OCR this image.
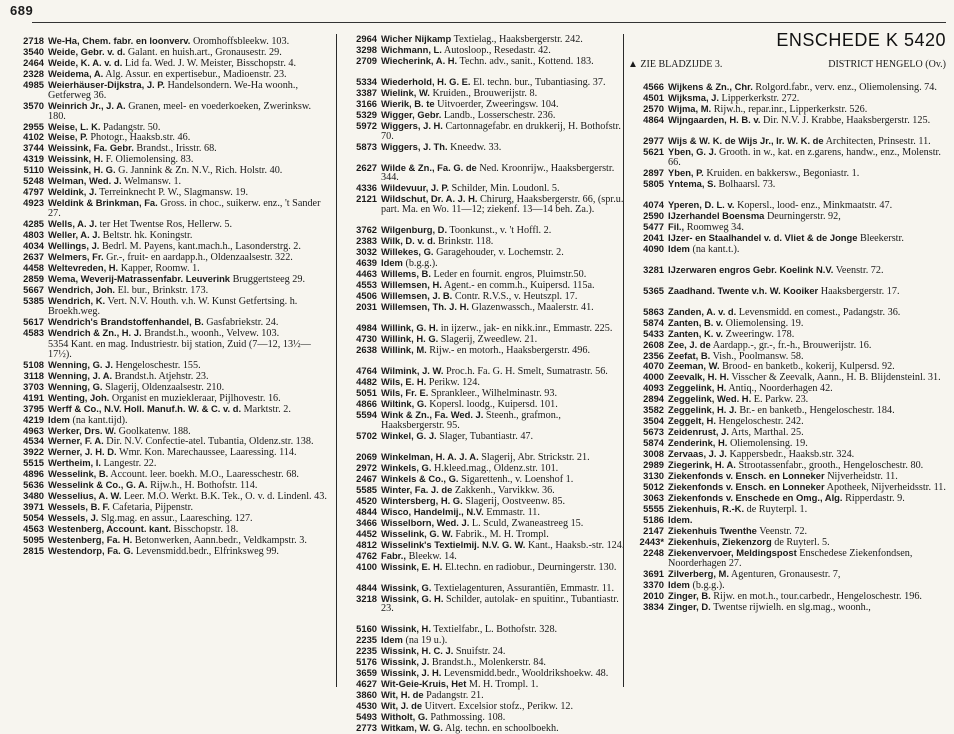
689
2718 We-Ha, Chem. fabr. en loonverv. Oromhoffsbleekw. 103.
3540 Weide, Gebr. v. d. Galant. en huish.art., Gronausestr. 29.
2464 Weide, K. A. v. d. Lid fa. Wed. J. W. Meister, Bisschopstr. 4.
2328 Weidema, A. Alg. Assur. en expertisebur., Madioenstr. 23.
4985 Weierhäuser-Dijkstra, J. P. Handelsondern. We-Ha woonh., Getferweg 36.
3570 Weinrich Jr., J. A. Granen, meel- en voederkoeken, Zwerinksw. 180.
2955 Weise, L. K. Padangstr. 50.
4102 Weise, P. Photogr., Haaksb.str. 46.
3744 Weissink, Fa. Gebr. Brandst., Irisstr. 68.
4319 Weissink, H. F. Oliemolensing. 83.
5110 Weissink, H. G. G. Jannink & Zn. N.V., Rich. Holstr. 40.
5248 Welman, Wed. J. Welmansw. 1.
4797 Weldink, J. Terreinknecht P. W., Slagmansw. 19.
4923 Weldink & Brinkman, Fa. Gross. in choc., suikerw. enz., 't Sander 27.
4285 Wells, A. J. ter Het Twentse Ros, Hellerw. 5.
4803 Weller, A. J. Beltstr. hk. Koningstr.
4034 Wellings, J. Bedrl. M. Payens, kant.mach.h., Lasonderstrg. 2.
2637 Welmers, Fr. Gr.-, fruit- en aardapp.h., Oldenzaalsestr. 322.
4458 Weltevreden, H. Kapper, Roomw. 1.
2859 Wema, Weverij-Matrassenfabr. Leuverink Bruggertsteeg 29.
5667 Wendrich, Joh. El. bur., Brinkstr. 173.
5385 Wendrich, K. Vert. N.V. Houth. v.h. W. Kunst Getfertsing. h. Broekh.weg.
5617 Wendrich's Brandstoffenhandel, B. Gasfabriekstr. 24.
4583 Wendrich & Zn., H. J. Brandst.h., woonh., Velvew. 103.
5354 Kant. en mag. Industriestr. bij station, Zuid (7—12, 13½—17½).
5108 Wenning, G. J. Hengeloschestr. 155.
3118 Wenning, J. A. Brandst.h. Atjehstr. 23.
3703 Wenning, G. Slagerij, Oldenzaalsestr. 210.
4191 Wenting, Joh. Organist en muziekleraar, Pijlhovestr. 16.
3795 Werff & Co., N.V. Holl. Manuf.h. W. & C. v. d. Marktstr. 2.
4219 Idem (na kant.tijd).
4963 Werker, Drs. W. Goolkatenw. 188.
4534 Werner, F. A. Dir. N.V. Confectie-atel. Tubantia, Oldenz.str. 138.
3922 Werner, J. H. D. Wmr. Kon. Marechaussee, Laaressing. 114.
5515 Wertheim, I. Langestr. 22.
4896 Wesselink, B. Account. leer. boekh. M.O., Laaresschestr. 68.
5636 Wesselink & Co., G. A. Rijw.h., H. Bothofstr. 114.
3480 Wesselius, A. W. Leer. M.O. Werkt. B.K. Tek., O. v. d. Lindenl. 43.
3971 Wessels, B. F. Cafetaria, Pijpenstr.
5054 Wessels, J. Slg.mag. en assur., Laaresching. 127.
4563 Westenberg, Account. kant. Bisschopstr. 18.
5095 Westenberg, Fa. H. Betonwerken, Aann.bedr., Veldkampstr. 3.
2815 Westendorp, Fa. G. Levensmidd.bedr., Elfrinksweg 99.
2964 Wicher Nijkamp Textielag., Haaksbergerstr. 242.
3298 Wichmann, L. Autosloop., Resedastr. 42.
2709 Wiecherink, A. H. Techn. adv., sanit., Kottend. 183.
5334 Wiederhold, H. G. E. El. techn. bur., Tubantiasing. 37.
3387 Wielink, W. Kruiden., Brouwerijstr. 8.
3166 Wierik, B. te Uitvoerder, Zweeringsw. 104.
5329 Wigger, Gebr. Landb., Losserschestr. 236.
5972 Wiggers, J. H. Cartonnagefabr. en drukkerij, H. Bothofstr. 70.
5873 Wiggers, J. Th. Kneedw. 33.
2627 Wilde & Zn., Fa. G. de Ned. Kroonrijw., Haaksbergerstr. 344.
4336 Wildevuur, J. P. Schilder, Min. Loudonl. 5.
2121 Wildschut, Dr. A. J. H. Chirurg, Haaksbergerstr. 66, (spr.u. part. Ma. en Wo. 11—12; ziekenf. 13—14 beh. Za.).
3762 Wilgenburg, D. Toonkunst., v. 't Hoffl. 2.
2383 Wilk, D. v. d. Brinkstr. 118.
3032 Willekes, G. Garagehouder, v. Lochemstr. 2.
4639 Idem (b.g.g.).
4463 Willems, B. Leder en fournit. engros, Pluimstr.50.
4553 Willemsen, H. Agent.- en comm.h., Kuipersd. 115a.
4506 Willemsen, J. B. Contr. R.V.S., v. Heutszpl. 17.
2031 Willemsen, Th. J. H. Glazenwassch., Maalerstr. 41.
4984 Willink, G. H. in ijzerw., jak- en nikk.inr., Emmastr. 225.
4730 Willink, H. G. Slagerij, Zweedlew. 21.
2638 Willink, M. Rijw.- en motorh., Haaksbergerstr. 496.
4764 Wilmink, J. W. Proc.h. Fa. G. H. Smelt, Sumatrastr. 56.
4482 Wils, E. H. Perikw. 124.
5051 Wils, Fr. E. Sprankleer., Wilhelminastr. 93.
4866 Wiltink, G. Kopersl. loodg., Kuipersd. 101.
5594 Wink & Zn., Fa. Wed. J. Steenh., grafmon., Haaksbergerstr. 95.
5702 Winkel, G. J. Slager, Tubantiastr. 47.
2069 Winkelman, H. A. J. A. Slagerij, Abr. Strickstr. 21.
2972 Winkels, G. H.kleed.mag., Oldenz.str. 101.
2467 Winkels & Co., G. Sigarettenh., v. Loenshof 1.
5585 Winter, Fa. J. de Zakkenh., Varvikkw. 36.
4520 Wintersberg, H. G. Slagerij, Oostveenw. 85.
4844 Wisco, Handelmij., N.V. Emmastr. 11.
3466 Wisselborn, Wed. J. L. Sculd, Zwaneastreeg 15.
4452 Wisselink, G. W. Fabrik., M. H. Trompl.
4812 Wisselink's Textielmij. N.V. G. W. Kant., Haaksb.-str. 124.
4762 Fabr., Bleekw. 14.
4100 Wissink, E. H. El.techn. en radiobur., Deurningerstr. 130.
4844 Wissink, G. Textielagenturen, Assurantiën, Emmastr. 11.
3218 Wissink, G. H. Schilder, autolak- en spuitinr., Tubantiastr. 23.
5160 Wissink, H. Textielfabr., L. Bothofstr. 328.
2235 Idem (na 19 u.).
2235 Wissink, H. C. J. Snuifstr. 24.
5176 Wissink, J. Brandst.h., Molenkerstr. 84.
3659 Wissink, J. H. Levensmidd.bedr., Wooldrikshoekw. 48.
4627 Wit-Geie-Kruis, Het M. H. Trompl. 1.
3860 Wit, H. de Padangstr. 21.
4530 Wit, J. de Uitvert. Excelsior stofz., Perikw. 12.
5493 Witholt, G. Pathmossing. 108.
2773 Witkam, W. G. Alg. techn. en schoolboekh.
ENSCHEDE K 5420
▲ ZIE BLADZIJDE 3.	DISTRICT HENGELO (Ov.)
4566 Wijkens & Zn., Chr. Rolgord.fabr., verv. enz., Oliemolensing. 74.
4501 Wijksma, J. Lipperkerkstr. 272.
2570 Wijma, M. Rijw.h., repar.inr., Lipperkerkstr. 526.
4864 Wijngaarden, H. B. v. Dir. N.V. J. Krabbe, Haaksbergerstr. 125.
2977 Wijs & W. K. de Wijs Jr., Ir. W. K. de Architecten, Prinsestr. 11.
5621 Yben, G. J. Grooth. in w., kat. en z.garens, handw., enz., Molenstr. 66.
2897 Yben, P. Kruiden. en bakkersw., Begoniastr. 1.
5805 Yntema, S. Bolhaarsl. 73.
4074 Yperen, D. L. v. Kopersl., lood- enz., Minkmaatstr. 47.
2590 IJzerhandel Boensma Deurningerstr. 92,
5477 Fil., Roomweg 34.
2041 IJzer- en Staalhandel v. d. Vliet & de Jonge Bleekerstr.
4090 Idem (na kant.t.).
3281 IJzerwaren engros Gebr. Koelink N.V. Veenstr. 72.
5365 Zaadhand. Twente v.h. W. Kooiker Haaksbergerstr. 17.
5863 Zanden, A. v. d. Levensmidd. en comest., Padangstr. 36.
5874 Zanten, B. v. Oliemolensing. 19.
5433 Zanten, K. v. Zweeringw. 178.
2608 Zee, J. de Aardapp.-, gr.-, fr.-h., Brouwerijstr. 16.
2356 Zeefat, B. Vish., Poolmansw. 58.
4070 Zeeman, W. Brood- en banketb., kokerij, Kulpersd. 92.
4000 Zeevalk, H. H. Visscher & Zeevalk, Aann., H. B. Blijdensteinl. 31.
4093 Zeggelink, H. Antiq., Noorderhagen 42.
2894 Zeggelink, Wed. H. E. Parkw. 23.
3582 Zeggelink, H. J. Br.- en banketb., Hengeloschestr. 184.
3504 Zeggelt, H. Hengeloschestr. 242.
5673 Zeidenrust, J. Arts, Marthal. 25.
5874 Zenderink, H. Oliemolensing. 19.
3008 Zervaas, J. J. Kappersbedr., Haaksb.str. 324.
2989 Ziegerink, H. A. Strootassenfabr., grooth., Hengeloschestr. 80.
3130 Ziekenfonds v. Ensch. en Lonneker Nijverheidstr. 11.
5012 Ziekenfonds v. Ensch. en Lonneker Apotheek, Nijverheidsstr. 11.
3063 Ziekenfonds v. Enschede en Omg., Alg. Ripperdastr. 9.
5555 Ziekenhuis, R.-K. de Ruyterpl. 1.
5186 Idem.
2147 Ziekenhuis Twenthe Veenstr. 72.
2443* Ziekenhuis, Ziekenzorg de Ruyterl. 5.
2248 Ziekenvervoer, Meldingspost Enschedese Ziekenfondsen, Noorderhagen 27.
3691 Zilverberg, M. Agenturen, Gronausestr. 7,
3370 Idem (b.g.g.).
2010 Zinger, B. Rijw. en mot.h., tour.carbedr., Hengeloschestr. 196.
3834 Zinger, D. Twentse rijwielh. en slg.mag., woonh.,
